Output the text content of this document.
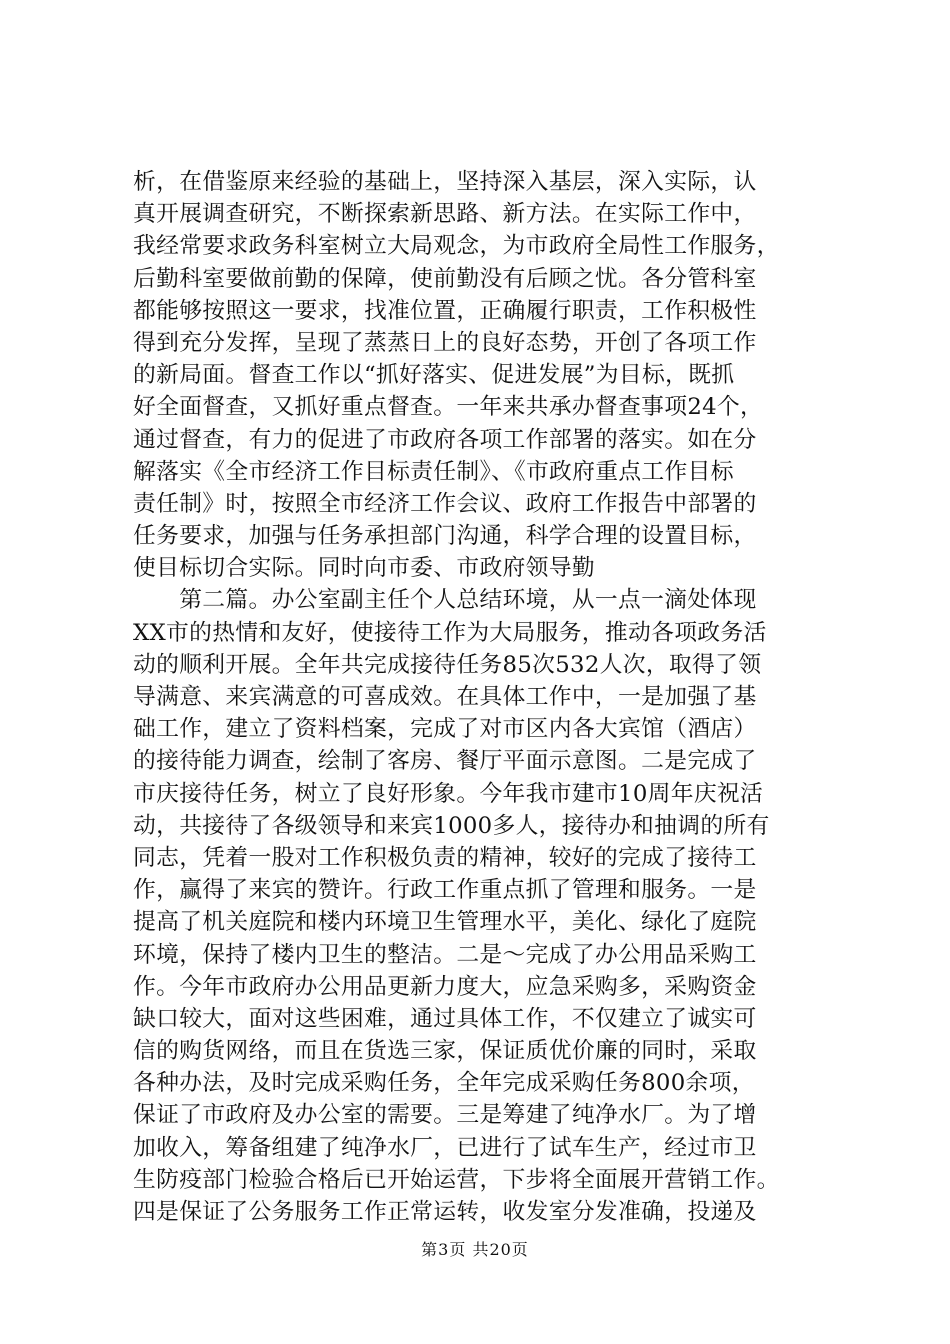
析，在借鉴原来经验的基础上，坚持深入基层，深入实际，认
真开展调查研究，不断探索新思路、新方法。在实际工作中，
我经常要求政务科室树立大局观念，为市政府全局性工作服务，
后勤科室要做前勤的保障，使前勤没有后顾之忧。各分管科室
都能够按照这一要求，找准位置，正确履行职责，工作积极性
得到充分发挥，呈现了蒸蒸日上的良好态势，开创了各项工作
的新局面。督查工作以“抓好落实、促进发展”为目标，既抓
好全面督查，又抓好重点督查。一年来共承办督查事项24个，
通过督查，有力的促进了市政府各项工作部署的落实。如在分
解落实《全市经济工作目标责任制》、《市政府重点工作目标
责任制》时，按照全市经济工作会议、政府工作报告中部署的
任务要求，加强与任务承担部门沟通，科学合理的设置目标，
使目标切合实际。同时向市委、市政府领导勤
　　第二篇。办公室副主任个人总结环境，从一点一滴处体现
XX市的热情和友好，使接待工作为大局服务，推动各项政务活
动的顺利开展。全年共完成接待任务85次532人次，取得了领
导满意、来宾满意的可喜成效。在具体工作中，一是加强了基
础工作，建立了资料档案，完成了对市区内各大宾馆（酒店）
的接待能力调查，绘制了客房、餐厅平面示意图。二是完成了
市庆接待任务，树立了良好形象。今年我市建市10周年庆祝活
动，共接待了各级领导和来宾1000多人，接待办和抽调的所有
同志，凭着一股对工作积极负责的精神，较好的完成了接待工
作，赢得了来宾的赞许。行政工作重点抓了管理和服务。一是
提高了机关庭院和楼内环境卫生管理水平，美化、绿化了庭院
环境，保持了楼内卫生的整洁。二是～完成了办公用品采购工
作。今年市政府办公用品更新力度大，应急采购多，采购资金
缺口较大，面对这些困难，通过具体工作，不仅建立了诚实可
信的购货网络，而且在货选三家，保证质优价廉的同时，采取
各种办法，及时完成采购任务，全年完成采购任务800余项，
保证了市政府及办公室的需要。三是筹建了纯净水厂。为了增
加收入，筹备组建了纯净水厂，已进行了试车生产，经过市卫
生防疫部门检验合格后已开始运营，下步将全面展开营销工作。
四是保证了公务服务工作正常运转，收发室分发准确，投递及
第3页 共20页
